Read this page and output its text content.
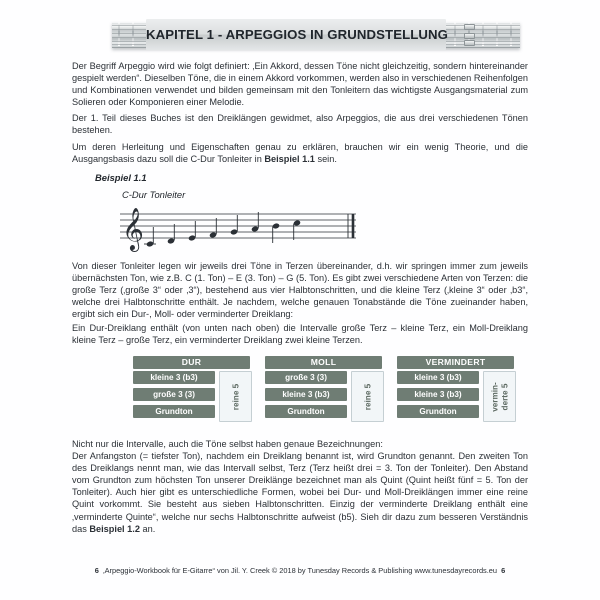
KAPITEL 1 - ARPEGGIOS IN GRUNDSTELLUNG

Der Begriff Arpeggio wird wie folgt definiert: ‚Ein Akkord, dessen Töne nicht gleichzeitig, sondern hintereinander gespielt werden“. Dieselben Töne, die in einem Akkord vorkommen, werden also in verschiedenen Reihenfolgen und Kombinationen verwendet und bilden gemeinsam mit den Tonleitern das wichtigste Ausgangsmaterial zum Solieren oder Komponieren einer Melodie.

Der 1. Teil dieses Buches ist den Dreiklängen gewidmet, also Arpeggios, die aus drei verschiedenen Tönen bestehen.

Um deren Herleitung und Eigenschaften genau zu erklären, brauchen wir ein wenig Theorie, und die Ausgangsbasis dazu soll die C-Dur Tonleiter in Beispiel 1.1 sein.

Beispiel 1.1
C-Dur Tonleiter
𝄞

Von dieser Tonleiter legen wir jeweils drei Töne in Terzen übereinander, d.h. wir springen immer zum jeweils übernächsten Ton, wie z.B. C (1. Ton) – E (3. Ton) – G (5. Ton). Es gibt zwei verschiedene Arten von Terzen: die große Terz (‚große 3“ oder ‚3“), bestehend aus vier Halbtonschritten, und die kleine Terz (‚kleine 3“ oder ‚b3“, welche drei Halbtonschritte enthält. Je nachdem, welche genauen Tonabstände die Töne zueinander haben, ergibt sich ein Dur-, Moll- oder verminderter Dreiklang:

Ein Dur-Dreiklang enthält (von unten nach oben) die Intervalle große Terz – kleine Terz, ein Moll-Dreiklang kleine Terz – große Terz, ein verminderter Dreiklang zwei kleine Terzen.

DUR
kleine 3 (b3)
große 3 (3)
Grundton
reine 5
MOLL
große 3 (3)
kleine 3 (b3)
Grundton
reine 5
VERMINDERT
kleine 3 (b3)
kleine 3 (b3)
Grundton
vermin-
derte 5

Nicht nur die Intervalle, auch die Töne selbst haben genaue Bezeichnungen:

Der Anfangston (= tiefster Ton), nachdem ein Dreiklang benannt ist, wird Grundton genannt. Den zweiten Ton des Dreiklangs nennt man, wie das Intervall selbst, Terz (Terz heißt drei = 3. Ton der Tonleiter). Den Abstand vom Grundton zum höchsten Ton unserer Dreiklänge bezeichnet man als Quint (Quint heißt fünf = 5. Ton der Tonleiter). Auch hier gibt es unterschiedliche Formen, wobei bei Dur- und Moll-Dreiklängen immer eine reine Quint vorkommt. Sie besteht aus sieben Halbtonschritten. Einzig der verminderte Dreiklang enthält eine ‚verminderte Quinte“, welche nur sechs Halbtonschritte aufweist (b5). Sieh dir dazu zum besseren Verständnis das Beispiel 1.2 an.

6 ‚Arpeggio-Workbook für E-Gitarre“ von Jil. Y. Creek © 2018 by Tunesday Records & Publishing www.tunesdayrecords.eu 6
